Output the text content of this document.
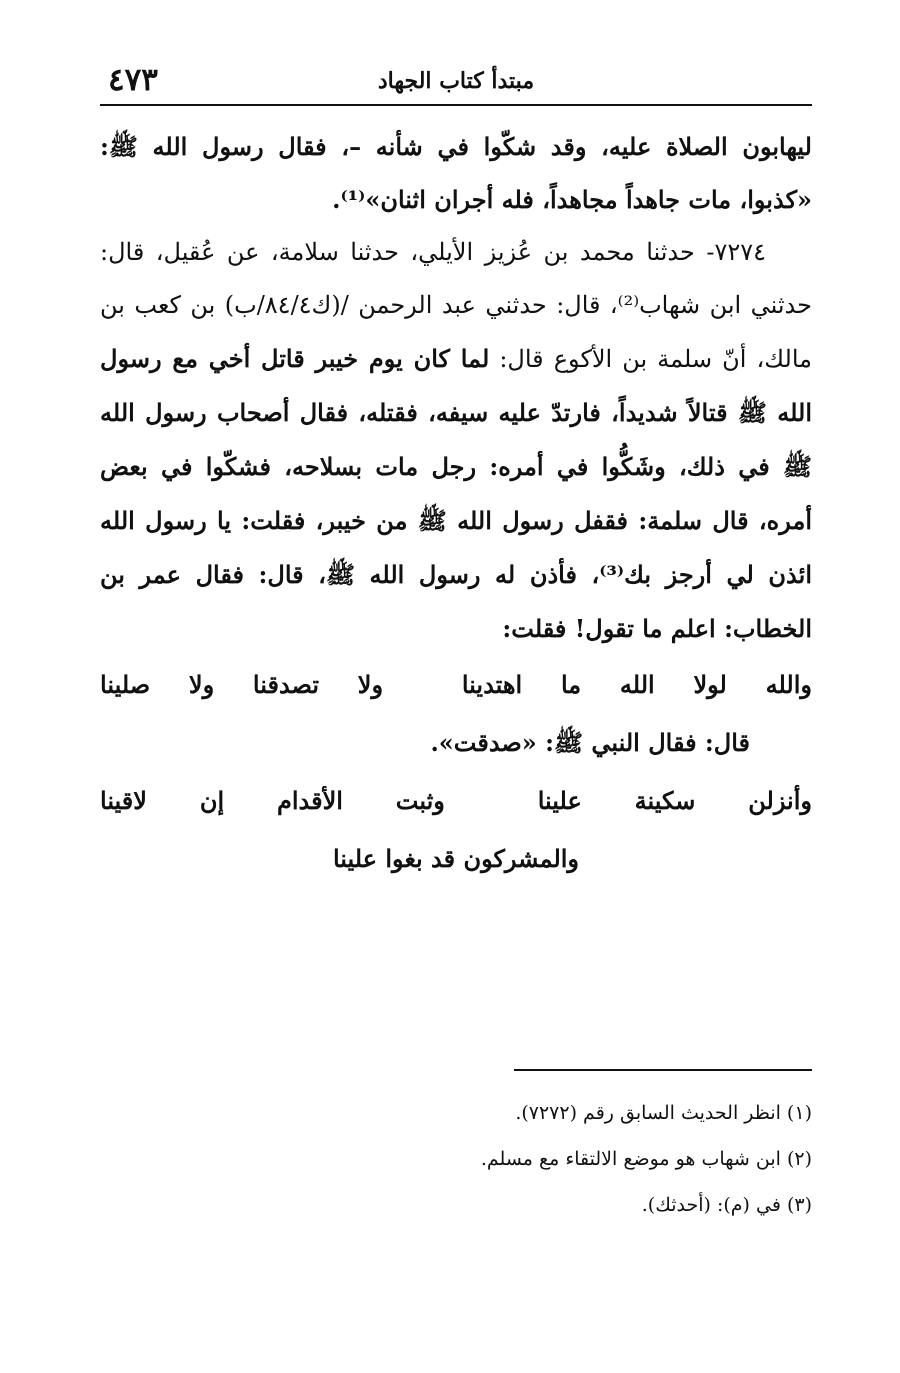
مبتدأ كتاب الجهاد
٤٧٣

ليهابون الصلاة عليه، وقد شكّوا في شأنه –، فقال رسول الله ﷺ: «كذبوا، مات جاهداً مجاهداً، فله أجران اثنان»⁽¹⁾.

٧٢٧٤- حدثنا محمد بن عُزيز الأيلي، حدثنا سلامة، عن عُقيل، قال: حدثني ابن شهاب⁽²⁾، قال: حدثني عبد الرحمن /(ك٨٤/٤/ب) بن كعب بن مالك، أنّ سلمة بن الأكوع قال: لما كان يوم خيبر قاتل أخي مع رسول الله ﷺ قتالاً شديداً، فارتدّ عليه سيفه، فقتله، فقال أصحاب رسول الله ﷺ في ذلك، وشَكُّوا في أمره: رجل مات بسلاحه، فشكّوا في بعض أمره، قال سلمة: فقفل رسول الله ﷺ من خيبر، فقلت: يا رسول الله ائذن لي أرجز بك⁽³⁾، فأذن له رسول الله ﷺ، قال: فقال عمر بن الخطاب: اعلم ما تقول! فقلت:

والله
لولا
الله
ما
اهتدينا
ولا
تصدقنا
ولا
صلينا
قال: فقال النبي ﷺ: «صدقت».
وأنزلن
سكينة
علينا
وثبت
الأقدام
إن
لاقينا
والمشركون قد بغوا علينا

(١) انظر الحديث السابق رقم (٧٢٧٢).

(٢) ابن شهاب هو موضع الالتقاء مع مسلم.

(٣) في (م): (أحدثك).
